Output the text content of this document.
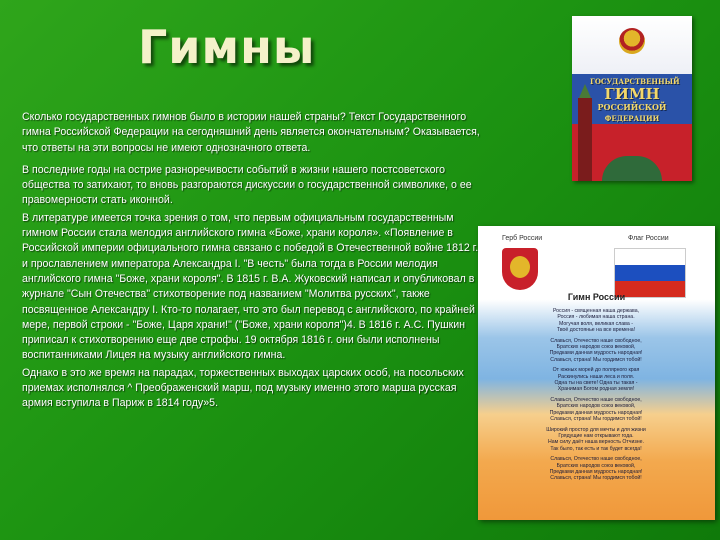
Гимны

Сколько государственных гимнов было в истории нашей страны? Текст Государственного гимна Российской Федерации на сегодняшний день является окончательным? Оказывается, что ответы на эти вопросы не имеют однозначного ответа.

В последние годы на острие разноречивости событий в жизни нашего постсоветского общества то затихают, то вновь разгораются дискуссии о государственной символике, о ее правомерности стать иконной.

В литературе имеется точка зрения о том, что первым официальным государственным гимном России стала мелодия английского гимна «Боже, храни короля». «Появление в Российской империи официального гимна связано с победой в Отечественной войне 1812 г. и прославлением императора Александра I. "В честь" была тогда в России мелодия английского гимна "Боже, храни короля". В 1815 г. В.А. Жуковский написал и опубликовал в журнале "Сын Отечества" стихотворение под названием "Молитва русских", также посвященное Александру I. Кто-то полагает, что это был перевод с английского, по крайней мере, первой строки - "Боже, Царя храни!" ("Боже, храни короля")4. В 1816 г. А.С. Пушкин приписал к стихотворению еще две строфы. 19 октября 1816 г. они были исполнены воспитанниками Лицея на музыку английского гимна.

Однако в это же время на парадах, торжественных выходах царских особ, на посольских приемах исполнялся ^ Преображенский марш, под музыку именно этого марша русская армия вступила в Париж в 1814 году»5.

ГОСУДАРСТВЕННЫЙ
ГИМН
РОССИЙСКОЙ
ФЕДЕРАЦИИ
Герб России	Флаг России
Гимн России
Россия - священная наша держава,
Россия - любимая наша страна.
Могучая воля, великая слава -
Твоё достоянье на все времена!
Славься, Отечество наше свободное,
Братских народов союз вековой,
Предками данная мудрость народная!
Славься, страна! Мы гордимся тобой!
От южных морей до полярного края
Раскинулись наши леса и поля.
Одна ты на свете! Одна ты такая -
Хранимая Богом родная земля!
Славься, Отечество наше свободное,
Братских народов союз вековой,
Предками данная мудрость народная!
Славься, страна! Мы гордимся тобой!
Широкий простор для мечты и для жизни
Грядущие нам открывают года.
Нам силу даёт наша верность Отчизне.
Так было, так есть и так будет всегда!
Славься, Отечество наше свободное,
Братских народов союз вековой,
Предками данная мудрость народная!
Славься, страна! Мы гордимся тобой!
